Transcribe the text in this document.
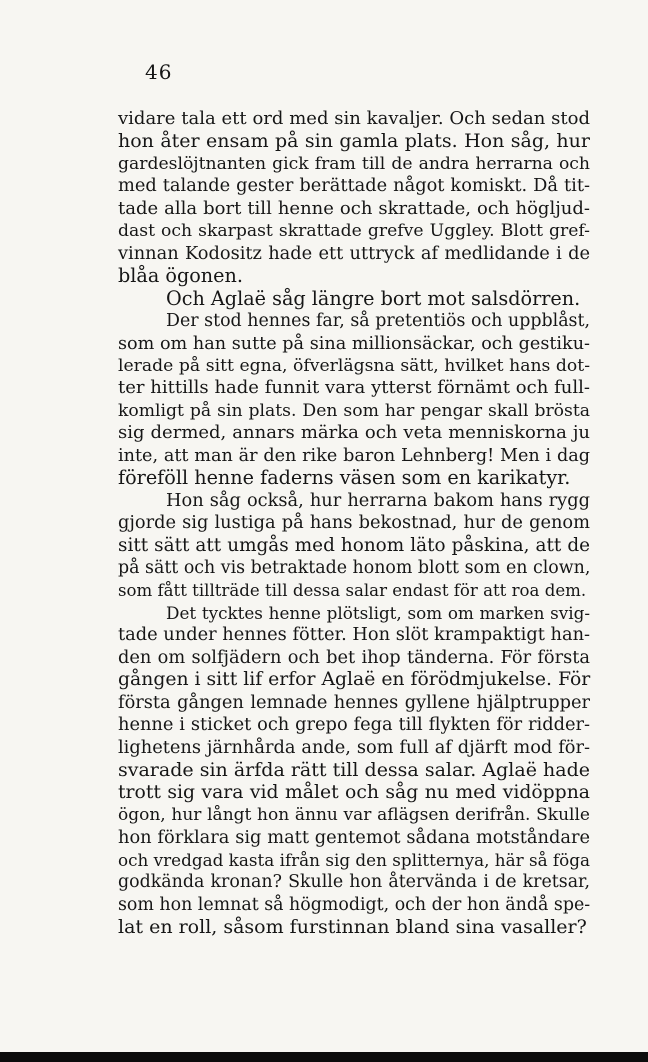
46
vidare tala ett ord med sin kavaljer. Och sedan stod
hon åter ensam på sin gamla plats. Hon såg, hur
gardeslöjtnanten gick fram till de andra herrarna och
med talande gester berättade något komiskt. Då tit-
tade alla bort till henne och skrattade, och högljud-
dast och skarpast skrattade grefve Uggley. Blott gref-
vinnan Kodositz hade ett uttryck af medlidande i de
blåa ögonen.
Och Aglaë såg längre bort mot salsdörren.
Der stod hennes far, så pretentiös och uppblåst,
som om han sutte på sina millionsäckar, och gestiku-
lerade på sitt egna, öfverlägsna sätt, hvilket hans dot-
ter hittills hade funnit vara ytterst förnämt och full-
komligt på sin plats. Den som har pengar skall brösta
sig dermed, annars märka och veta menniskorna ju
inte, att man är den rike baron Lehnberg! Men i dag
föreföll henne faderns väsen som en karikatyr.
Hon såg också, hur herrarna bakom hans rygg
gjorde sig lustiga på hans bekostnad, hur de genom
sitt sätt att umgås med honom läto påskina, att de
på sätt och vis betraktade honom blott som en clown,
som fått tillträde till dessa salar endast för att roa dem.
Det tycktes henne plötsligt, som om marken svig-
tade under hennes fötter. Hon slöt krampaktigt han-
den om solfjädern och bet ihop tänderna. För första
gången i sitt lif erfor Aglaë en förödmjukelse. För
första gången lemnade hennes gyllene hjälptrupper
henne i sticket och grepo fega till flykten för ridder-
lighetens järnhårda ande, som full af djärft mod för-
svarade sin ärfda rätt till dessa salar. Aglaë hade
trott sig vara vid målet och såg nu med vidöppna
ögon, hur långt hon ännu var aflägsen derifrån. Skulle
hon förklara sig matt gentemot sådana motståndare
och vredgad kasta ifrån sig den splitternya, här så föga
godkända kronan? Skulle hon återvända i de kretsar,
som hon lemnat så högmodigt, och der hon ändå spe-
lat en roll, såsom furstinnan bland sina vasaller?
